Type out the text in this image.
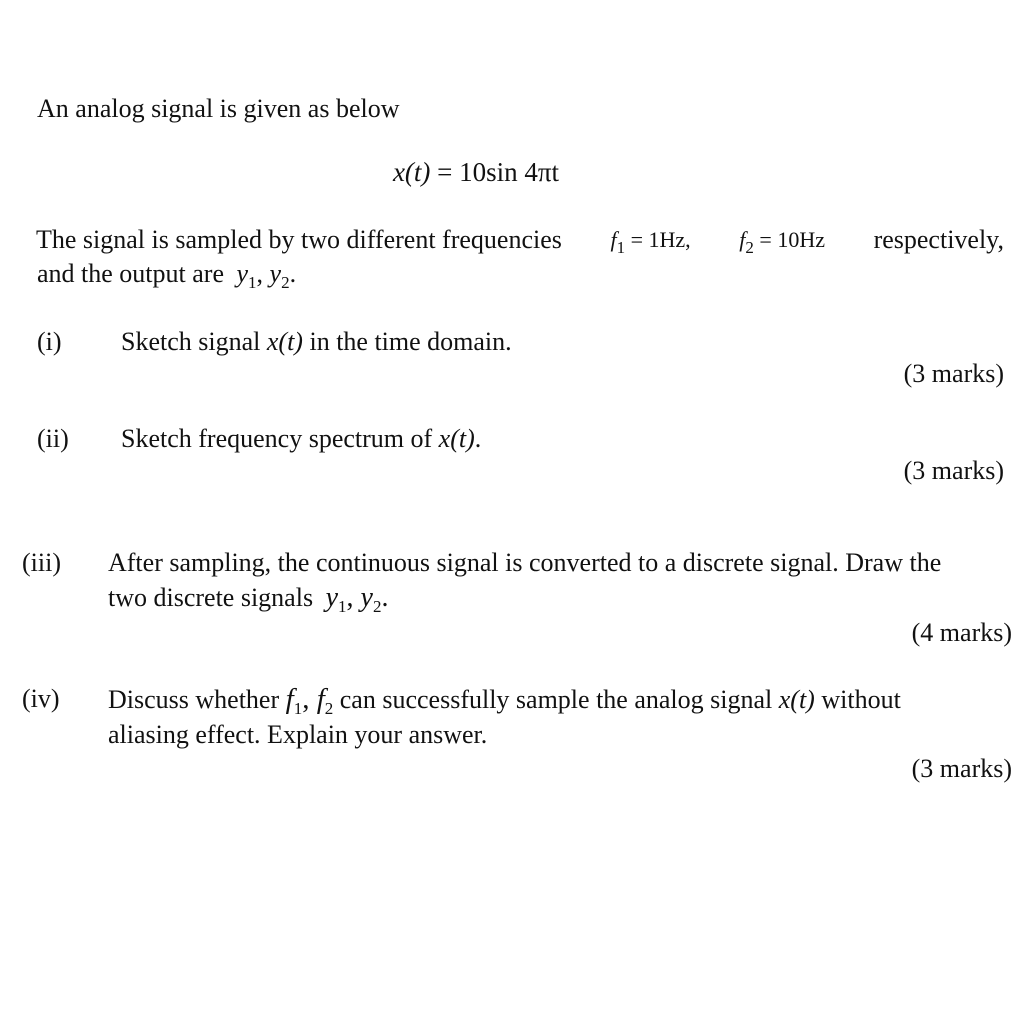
An analog signal is given as below
x(t) = 10sin 4πt
The signal is sampled by two different frequencies $f_1 = 1Hz$, $f_2 = 10Hz$ respectively,
and the output are $y_1$, $y_2$.
(i) Sketch signal x(t) in the time domain.
(3 marks)
(ii) Sketch frequency spectrum of x(t).
(3 marks)
(iii) After sampling, the continuous signal is converted to a discrete signal. Draw the
two discrete signals $y_1$, $y_2$.
(4 marks)
(iv) Discuss whether $f_1$, $f_2$ can successfully sample the analog signal x(t) without
aliasing effect. Explain your answer.
(3 marks)
